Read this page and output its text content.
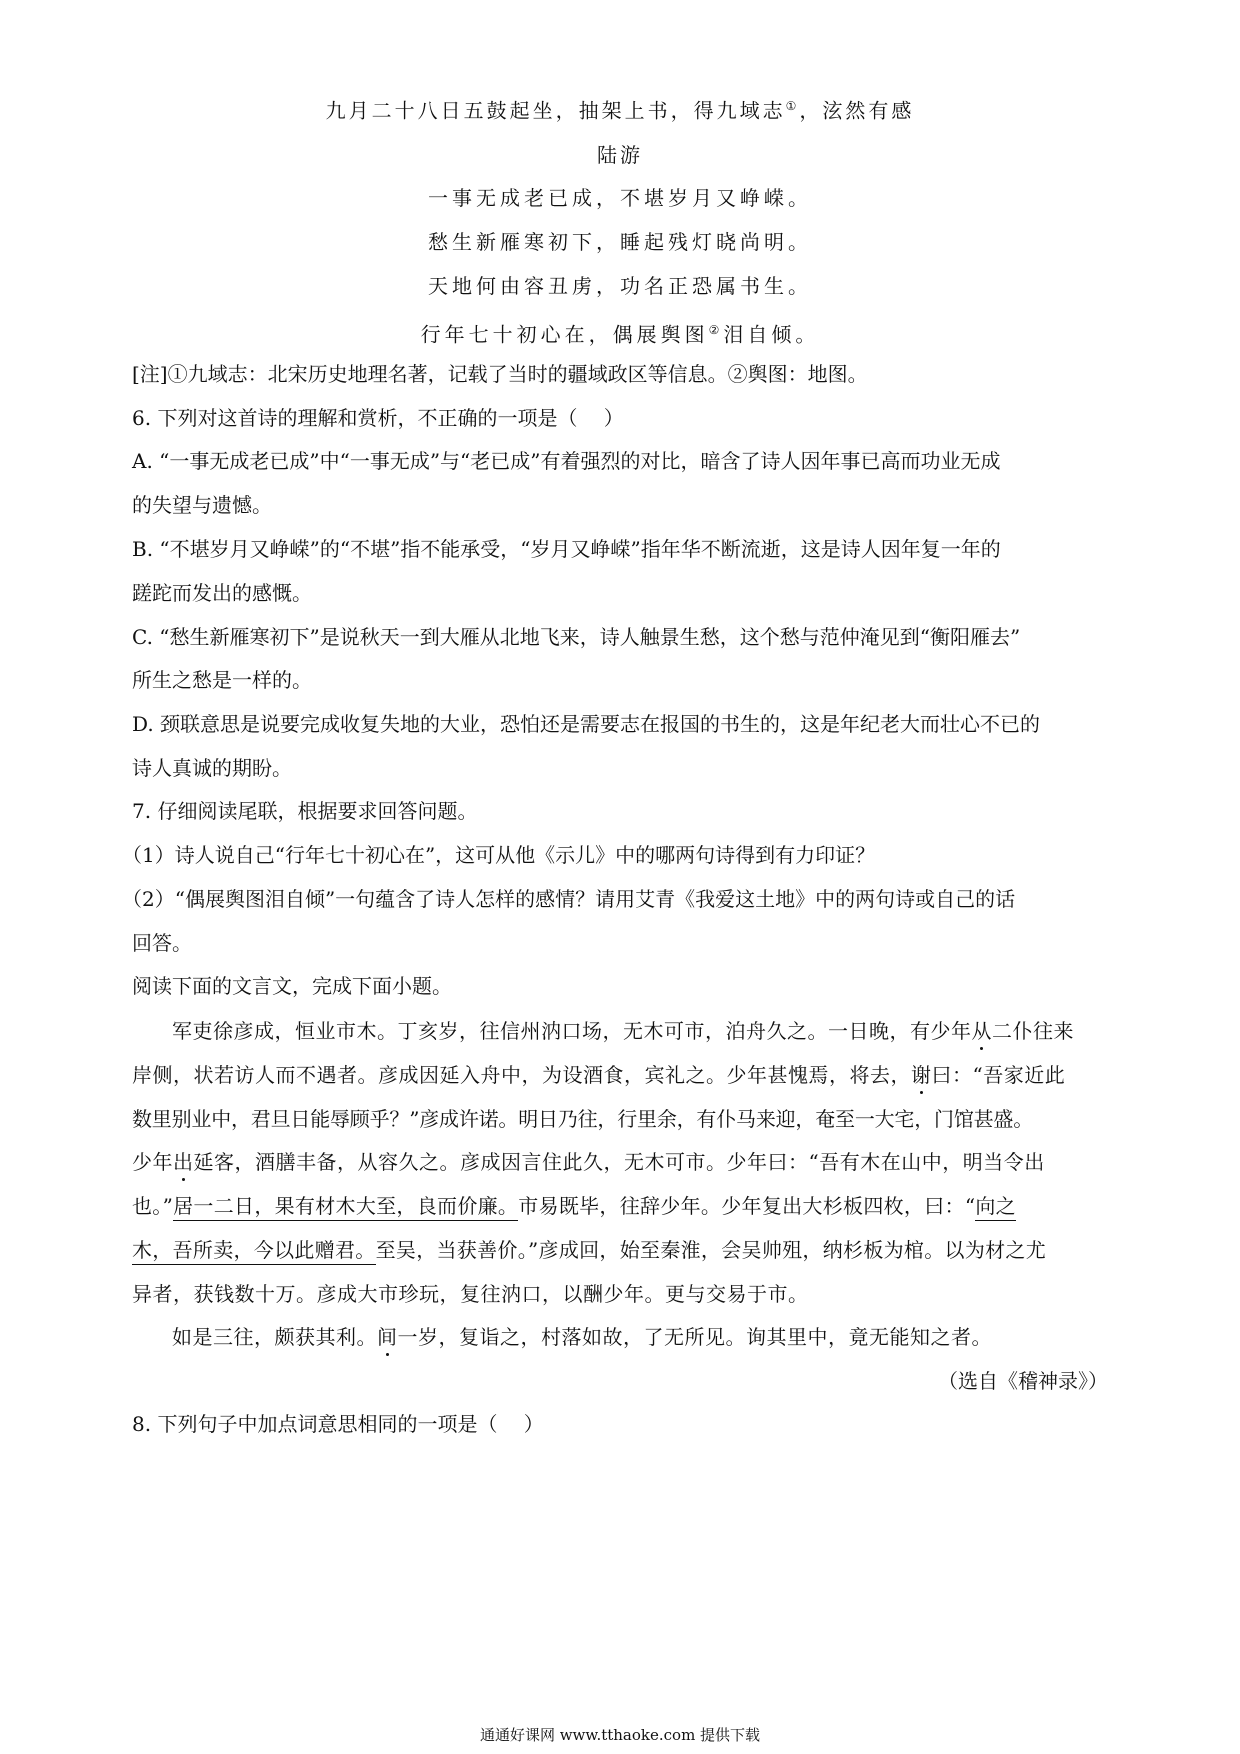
九月二十八日五鼓起坐，抽架上书，得九域志①，泫然有感
陆游
一事无成老已成，不堪岁月又峥嵘。
愁生新雁寒初下，睡起残灯晓尚明。
天地何由容丑虏，功名正恐属书生。
行年七十初心在，偶展舆图②泪自倾。
[注]①九域志：北宋历史地理名著，记载了当时的疆域政区等信息。②舆图：地图。
6. 下列对这首诗的理解和赏析，不正确的一项是（　 ）
A. “一事无成老已成”中“一事无成”与“老已成”有着强烈的对比，暗含了诗人因年事已高而功业无成
的失望与遗憾。
B. “不堪岁月又峥嵘”的“不堪”指不能承受，“岁月又峥嵘”指年华不断流逝，这是诗人因年复一年的
蹉跎而发出的感慨。
C. “愁生新雁寒初下”是说秋天一到大雁从北地飞来，诗人触景生愁，这个愁与范仲淹见到“衡阳雁去”
所生之愁是一样的。
D. 颈联意思是说要完成收复失地的大业，恐怕还是需要志在报国的书生的，这是年纪老大而壮心不已的
诗人真诚的期盼。
7. 仔细阅读尾联，根据要求回答问题。
（1）诗人说自己“行年七十初心在”，这可从他《示儿》中的哪两句诗得到有力印证？
（2）“偶展舆图泪自倾”一句蕴含了诗人怎样的感情？请用艾青《我爱这土地》中的两句诗或自己的话
回答。
阅读下面的文言文，完成下面小题。
军吏徐彦成，恒业市木。丁亥岁，往信州汭口场，无木可市，泊舟久之。一日晚，有少年从二仆往来
岸侧，状若访人而不遇者。彦成因延入舟中，为设酒食，宾礼之。少年甚愧焉，将去，谢曰：“吾家近此
数里别业中，君旦日能辱顾乎？”彦成许诺。明日乃往，行里余，有仆马来迎，奄至一大宅，门馆甚盛。
少年出延客，酒膳丰备，从容久之。彦成因言住此久，无木可市。少年曰：“吾有木在山中，明当令出
也。”居一二日，果有材木大至，良而价廉。市易既毕，往辞少年。少年复出大杉板四枚，曰：“向之
木，吾所卖，今以此赠君。至吴，当获善价。”彦成回，始至秦淮，会吴帅殂，纳杉板为棺。以为材之尤
异者，获钱数十万。彦成大市珍玩，复往汭口，以酬少年。更与交易于市。
如是三往，颇获其利。间一岁，复诣之，村落如故，了无所见。询其里中，竟无能知之者。
（选自《稽神录》）
8. 下列句子中加点词意思相同的一项是（　 ）
通通好课网 www.tthaoke.com 提供下载
